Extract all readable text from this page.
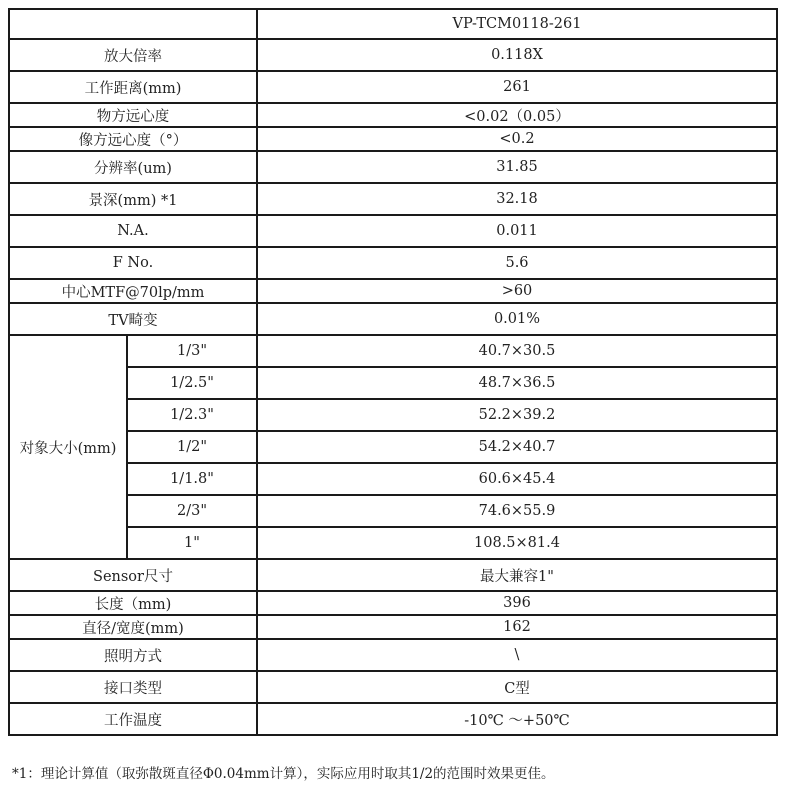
		VP-TCM0118-261
放大倍率		0.118X
工作距离(mm)		261
物方远心度		<0.02（0.05）
像方远心度（°）		<0.2
分辨率(um)		31.85
景深(mm) *1		32.18
N.A.		0.011
F No.		5.6
中心MTF@70lp/mm		>60
TV畸变		0.01%
对象大小(mm)	1/3"	40.7×30.5
	1/2.5"	48.7×36.5
	1/2.3"	52.2×39.2
	1/2"	54.2×40.7
	1/1.8"	60.6×45.4
	2/3"	74.6×55.9
	1"	108.5×81.4
Sensor尺寸		最大兼容1"
长度（mm)		396
直径/宽度(mm)		162
照明方式		\
接口类型		C型
工作温度		-10℃ ～+50℃
*1：理论计算值（取弥散斑直径Φ0.04mm计算），实际应用时取其1/2的范围时效果更佳。
